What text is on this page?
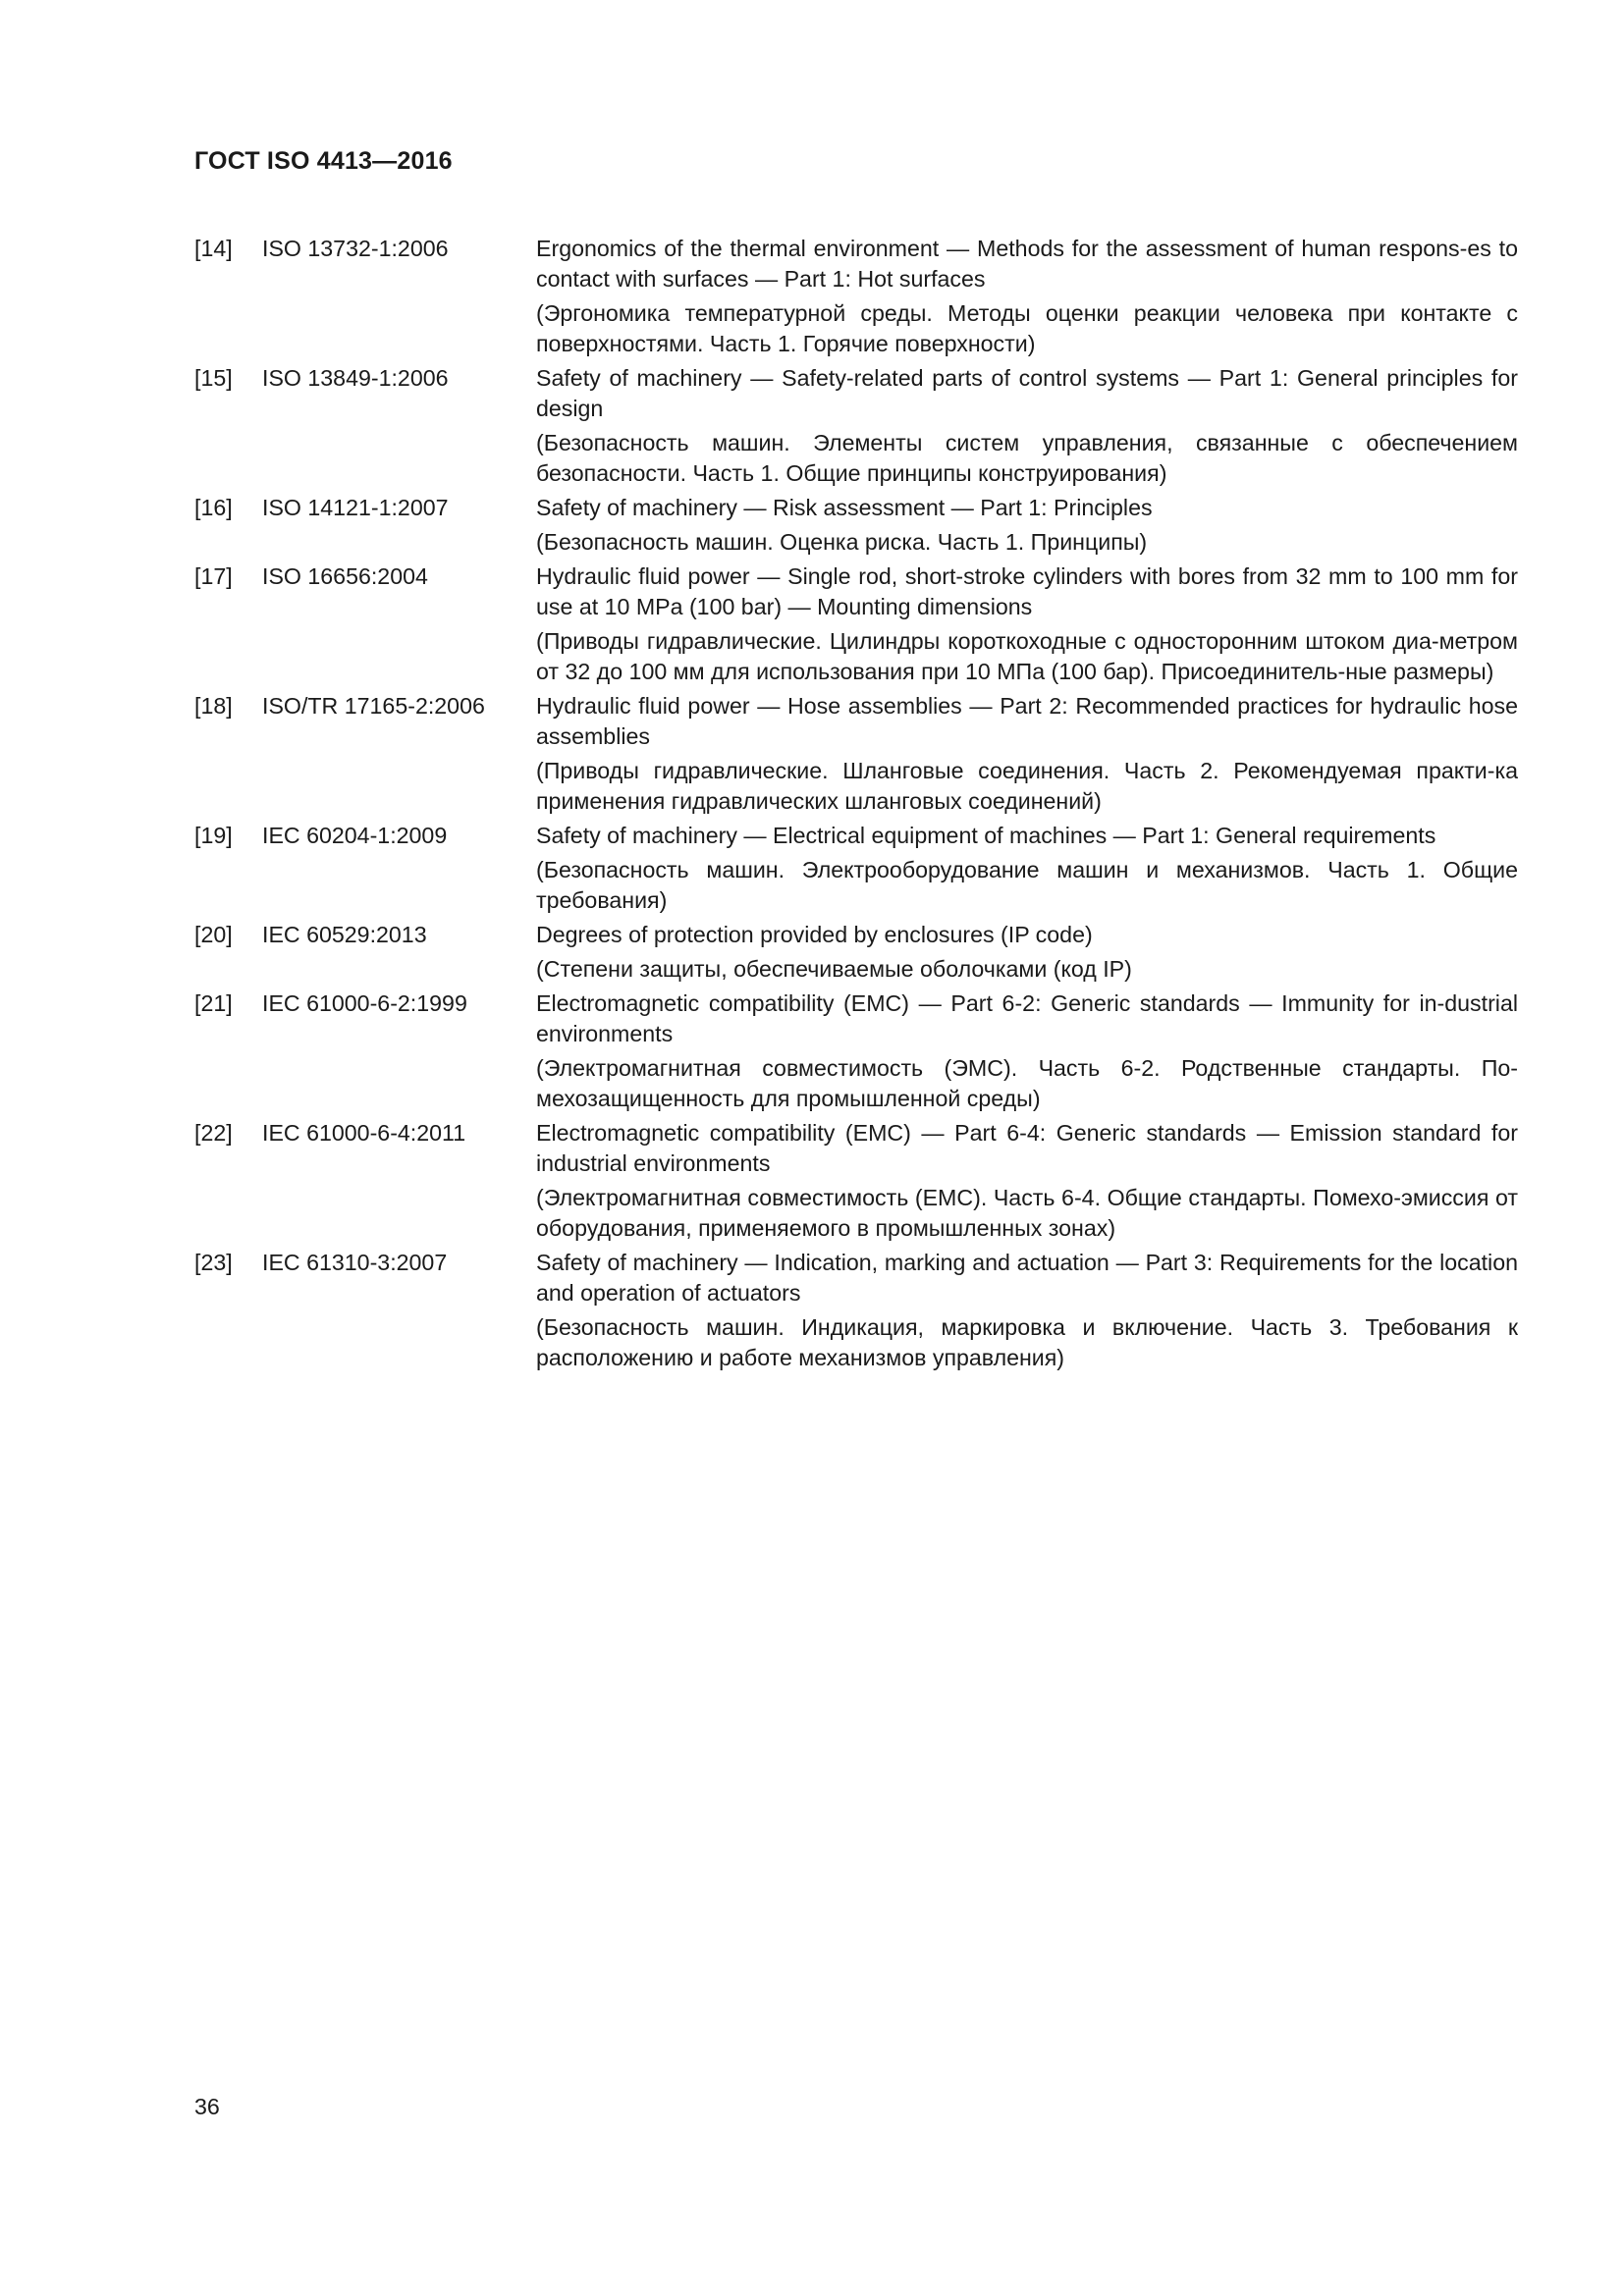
ГОСТ ISO 4413—2016
[14]	ISO 13732-1:2006	Ergonomics of the thermal environment — Methods for the assessment of human respons-es to contact with surfaces — Part 1: Hot surfaces
(Эргономика температурной среды. Методы оценки реакции человека при контакте с поверхностями. Часть 1. Горячие поверхности)
[15]	ISO 13849-1:2006	Safety of machinery — Safety-related parts of control systems — Part 1: General principles for design
(Безопасность машин. Элементы систем управления, связанные с обеспечением безопасности. Часть 1. Общие принципы конструирования)
[16]	ISO 14121-1:2007	Safety of machinery — Risk assessment — Part 1: Principles
(Безопасность машин. Оценка риска. Часть 1. Принципы)
[17]	ISO 16656:2004	Hydraulic fluid power — Single rod, short-stroke cylinders with bores from 32 mm to 100 mm for use at 10 MPa (100 bar) — Mounting dimensions
(Приводы гидравлические. Цилиндры короткоходные с односторонним штоком диа-метром от 32 до 100 мм для использования при 10 МПа (100 бар). Присоединитель-ные размеры)
[18]	ISO/TR 17165-2:2006	Hydraulic fluid power — Hose assemblies — Part 2: Recommended practices for hydraulic hose assemblies
(Приводы гидравлические. Шланговые соединения. Часть 2. Рекомендуемая практи-ка применения гидравлических шланговых соединений)
[19]	IEC 60204-1:2009	Safety of machinery — Electrical equipment of machines — Part 1: General requirements
(Безопасность машин. Электрооборудование машин и механизмов. Часть 1. Общие требования)
[20]	IEC 60529:2013	Degrees of protection provided by enclosures (IP code)
(Степени защиты, обеспечиваемые оболочками (код IP)
[21]	IEC 61000-6-2:1999	Electromagnetic compatibility (EMC) — Part 6-2: Generic standards — Immunity for in-dustrial environments
(Электромагнитная совместимость (ЭМС). Часть 6-2. Родственные стандарты. По-мехозащищенность для промышленной среды)
[22]	IEC 61000-6-4:2011	Electromagnetic compatibility (EMC) — Part 6-4: Generic standards — Emission standard for industrial environments
(Электромагнитная совместимость (ЕМС). Часть 6-4. Общие стандарты. Помехо-эмиссия от оборудования, применяемого в промышленных зонах)
[23]	IEC 61310-3:2007	Safety of machinery — Indication, marking and actuation — Part 3: Requirements for the location and operation of actuators
(Безопасность машин. Индикация, маркировка и включение. Часть 3. Требования к расположению и работе механизмов управления)
36
